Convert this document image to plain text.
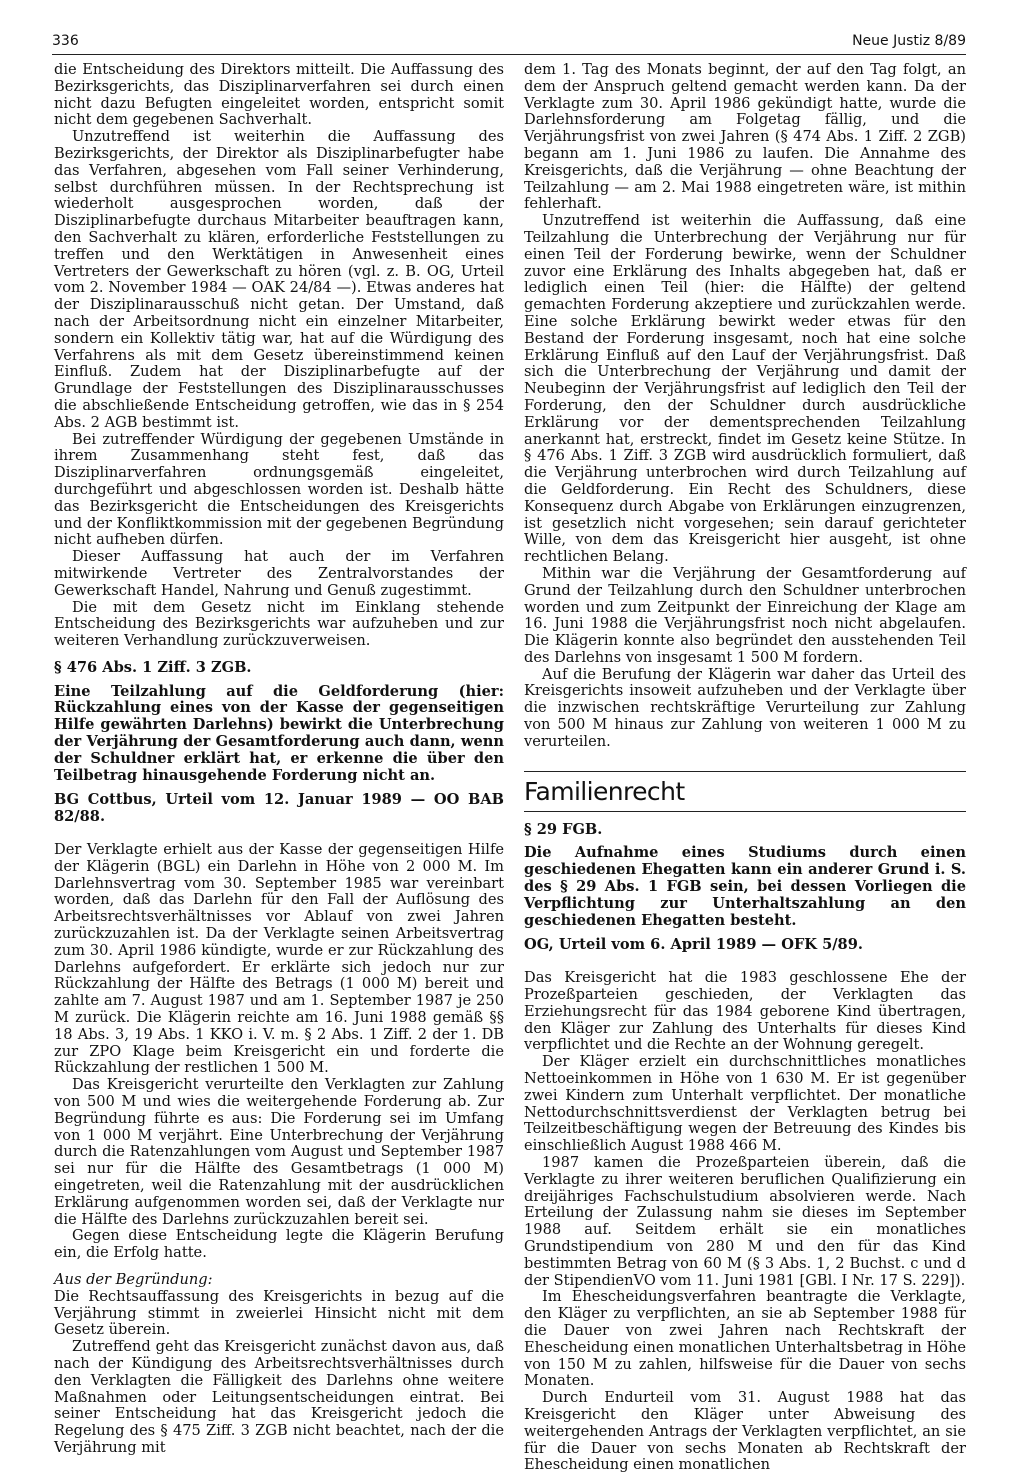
336	Neue Justiz 8/89

die Entscheidung des Direktors mitteilt. Die Auffassung des Bezirksgerichts, das Disziplinarverfahren sei durch einen nicht dazu Befugten eingeleitet worden, entspricht somit nicht dem gegebenen Sachverhalt.

Unzutreffend ist weiterhin die Auffassung des Bezirksgerichts, der Direktor als Disziplinarbefugter habe das Verfahren, abgesehen vom Fall seiner Verhinderung, selbst durchführen müssen. In der Rechtsprechung ist wiederholt ausgesprochen worden, daß der Disziplinarbefugte durchaus Mitarbeiter beauftragen kann, den Sachverhalt zu klären, erforderliche Feststellungen zu treffen und den Werktätigen in Anwesenheit eines Vertreters der Gewerkschaft zu hören (vgl. z. B. OG, Urteil vom 2. November 1984 — OAK 24/84 —). Etwas anderes hat der Disziplinarausschuß nicht getan. Der Umstand, daß nach der Arbeitsordnung nicht ein einzelner Mitarbeiter, sondern ein Kollektiv tätig war, hat auf die Würdigung des Verfahrens als mit dem Gesetz übereinstimmend keinen Einfluß. Zudem hat der Disziplinarbefugte auf der Grundlage der Feststellungen des Disziplinarausschusses die abschließende Entscheidung getroffen, wie das in § 254 Abs. 2 AGB bestimmt ist.

Bei zutreffender Würdigung der gegebenen Umstände in ihrem Zusammenhang steht fest, daß das Disziplinarverfahren ordnungsgemäß eingeleitet, durchgeführt und abgeschlossen worden ist. Deshalb hätte das Bezirksgericht die Entscheidungen des Kreisgerichts und der Konfliktkommission mit der gegebenen Begründung nicht aufheben dürfen.

Dieser Auffassung hat auch der im Verfahren mitwirkende Vertreter des Zentralvorstandes der Gewerkschaft Handel, Nahrung und Genuß zugestimmt.

Die mit dem Gesetz nicht im Einklang stehende Entscheidung des Bezirksgerichts war aufzuheben und zur weiteren Verhandlung zurückzuverweisen.

§ 476 Abs. 1 Ziff. 3 ZGB.

Eine Teilzahlung auf die Geldforderung (hier: Rückzahlung eines von der Kasse der gegenseitigen Hilfe gewährten Darlehns) bewirkt die Unterbrechung der Verjährung der Gesamtforderung auch dann, wenn der Schuldner erklärt hat, er erkenne die über den Teilbetrag hinausgehende Forderung nicht an.

BG Cottbus, Urteil vom 12. Januar 1989 — OO BAB 82/88.

Der Verklagte erhielt aus der Kasse der gegenseitigen Hilfe der Klägerin (BGL) ein Darlehn in Höhe von 2 000 M. Im Darlehnsvertrag vom 30. September 1985 war vereinbart worden, daß das Darlehn für den Fall der Auflösung des Arbeitsrechtsverhältnisses vor Ablauf von zwei Jahren zurückzuzahlen ist. Da der Verklagte seinen Arbeitsvertrag zum 30. April 1986 kündigte, wurde er zur Rückzahlung des Darlehns aufgefordert. Er erklärte sich jedoch nur zur Rückzahlung der Hälfte des Betrags (1 000 M) bereit und zahlte am 7. August 1987 und am 1. September 1987 je 250 M zurück. Die Klägerin reichte am 16. Juni 1988 gemäß §§ 18 Abs. 3, 19 Abs. 1 KKO i. V. m. § 2 Abs. 1 Ziff. 2 der 1. DB zur ZPO Klage beim Kreisgericht ein und forderte die Rückzahlung der restlichen 1 500 M.

Das Kreisgericht verurteilte den Verklagten zur Zahlung von 500 M und wies die weitergehende Forderung ab. Zur Begründung führte es aus: Die Forderung sei im Umfang von 1 000 M verjährt. Eine Unterbrechung der Verjährung durch die Ratenzahlungen vom August und September 1987 sei nur für die Hälfte des Gesamtbetrags (1 000 M) eingetreten, weil die Ratenzahlung mit der ausdrücklichen Erklärung aufgenommen worden sei, daß der Verklagte nur die Hälfte des Darlehns zurückzuzahlen bereit sei.

Gegen diese Entscheidung legte die Klägerin Berufung ein, die Erfolg hatte.

Aus der Begründung:

Die Rechtsauffassung des Kreisgerichts in bezug auf die Verjährung stimmt in zweierlei Hinsicht nicht mit dem Gesetz überein.

Zutreffend geht das Kreisgericht zunächst davon aus, daß nach der Kündigung des Arbeitsrechtsverhältnisses durch den Verklagten die Fälligkeit des Darlehns ohne weitere Maßnahmen oder Leitungsentscheidungen eintrat. Bei seiner Entscheidung hat das Kreisgericht jedoch die Regelung des § 475 Ziff. 3 ZGB nicht beachtet, nach der die Verjährung mit

dem 1. Tag des Monats beginnt, der auf den Tag folgt, an dem der Anspruch geltend gemacht werden kann. Da der Verklagte zum 30. April 1986 gekündigt hatte, wurde die Darlehnsforderung am Folgetag fällig, und die Verjährungsfrist von zwei Jahren (§ 474 Abs. 1 Ziff. 2 ZGB) begann am 1. Juni 1986 zu laufen. Die Annahme des Kreisgerichts, daß die Verjährung — ohne Beachtung der Teilzahlung — am 2. Mai 1988 eingetreten wäre, ist mithin fehlerhaft.

Unzutreffend ist weiterhin die Auffassung, daß eine Teilzahlung die Unterbrechung der Verjährung nur für einen Teil der Forderung bewirke, wenn der Schuldner zuvor eine Erklärung des Inhalts abgegeben hat, daß er lediglich einen Teil (hier: die Hälfte) der geltend gemachten Forderung akzeptiere und zurückzahlen werde. Eine solche Erklärung bewirkt weder etwas für den Bestand der Forderung insgesamt, noch hat eine solche Erklärung Einfluß auf den Lauf der Verjährungsfrist. Daß sich die Unterbrechung der Verjährung und damit der Neubeginn der Verjährungsfrist auf lediglich den Teil der Forderung, den der Schuldner durch ausdrückliche Erklärung vor der dementsprechenden Teilzahlung anerkannt hat, erstreckt, findet im Gesetz keine Stütze. In § 476 Abs. 1 Ziff. 3 ZGB wird ausdrücklich formuliert, daß die Verjährung unterbrochen wird durch Teilzahlung auf die Geldforderung. Ein Recht des Schuldners, diese Konsequenz durch Abgabe von Erklärungen einzugrenzen, ist gesetzlich nicht vorgesehen; sein darauf gerichteter Wille, von dem das Kreisgericht hier ausgeht, ist ohne rechtlichen Belang.

Mithin war die Verjährung der Gesamtforderung auf Grund der Teilzahlung durch den Schuldner unterbrochen worden und zum Zeitpunkt der Einreichung der Klage am 16. Juni 1988 die Verjährungsfrist noch nicht abgelaufen. Die Klägerin konnte also begründet den ausstehenden Teil des Darlehns von insgesamt 1 500 M fordern.

Auf die Berufung der Klägerin war daher das Urteil des Kreisgerichts insoweit aufzuheben und der Verklagte über die inzwischen rechtskräftige Verurteilung zur Zahlung von 500 M hinaus zur Zahlung von weiteren 1 000 M zu verurteilen.

Familienrecht

§ 29 FGB.

Die Aufnahme eines Studiums durch einen geschiedenen Ehegatten kann ein anderer Grund i. S. des § 29 Abs. 1 FGB sein, bei dessen Vorliegen die Verpflichtung zur Unterhaltszahlung an den geschiedenen Ehegatten besteht.

OG, Urteil vom 6. April 1989 — OFK 5/89.

Das Kreisgericht hat die 1983 geschlossene Ehe der Prozeßparteien geschieden, der Verklagten das Erziehungsrecht für das 1984 geborene Kind übertragen, den Kläger zur Zahlung des Unterhalts für dieses Kind verpflichtet und die Rechte an der Wohnung geregelt.

Der Kläger erzielt ein durchschnittliches monatliches Nettoeinkommen in Höhe von 1 630 M. Er ist gegenüber zwei Kindern zum Unterhalt verpflichtet. Der monatliche Nettodurchschnittsverdienst der Verklagten betrug bei Teilzeitbeschäftigung wegen der Betreuung des Kindes bis einschließlich August 1988 466 M.

1987 kamen die Prozeßparteien überein, daß die Verklagte zu ihrer weiteren beruflichen Qualifizierung ein dreijähriges Fachschulstudium absolvieren werde. Nach Erteilung der Zulassung nahm sie dieses im September 1988 auf. Seitdem erhält sie ein monatliches Grundstipendium von 280 M und den für das Kind bestimmten Betrag von 60 M (§ 3 Abs. 1, 2 Buchst. c und d der StipendienVO vom 11. Juni 1981 [GBl. I Nr. 17 S. 229]).

Im Ehescheidungsverfahren beantragte die Verklagte, den Kläger zu verpflichten, an sie ab September 1988 für die Dauer von zwei Jahren nach Rechtskraft der Ehescheidung einen monatlichen Unterhaltsbetrag in Höhe von 150 M zu zahlen, hilfsweise für die Dauer von sechs Monaten.

Durch Endurteil vom 31. August 1988 hat das Kreisgericht den Kläger unter Abweisung des weitergehenden Antrags der Verklagten verpflichtet, an sie für die Dauer von sechs Monaten ab Rechtskraft der Ehescheidung einen monatlichen
